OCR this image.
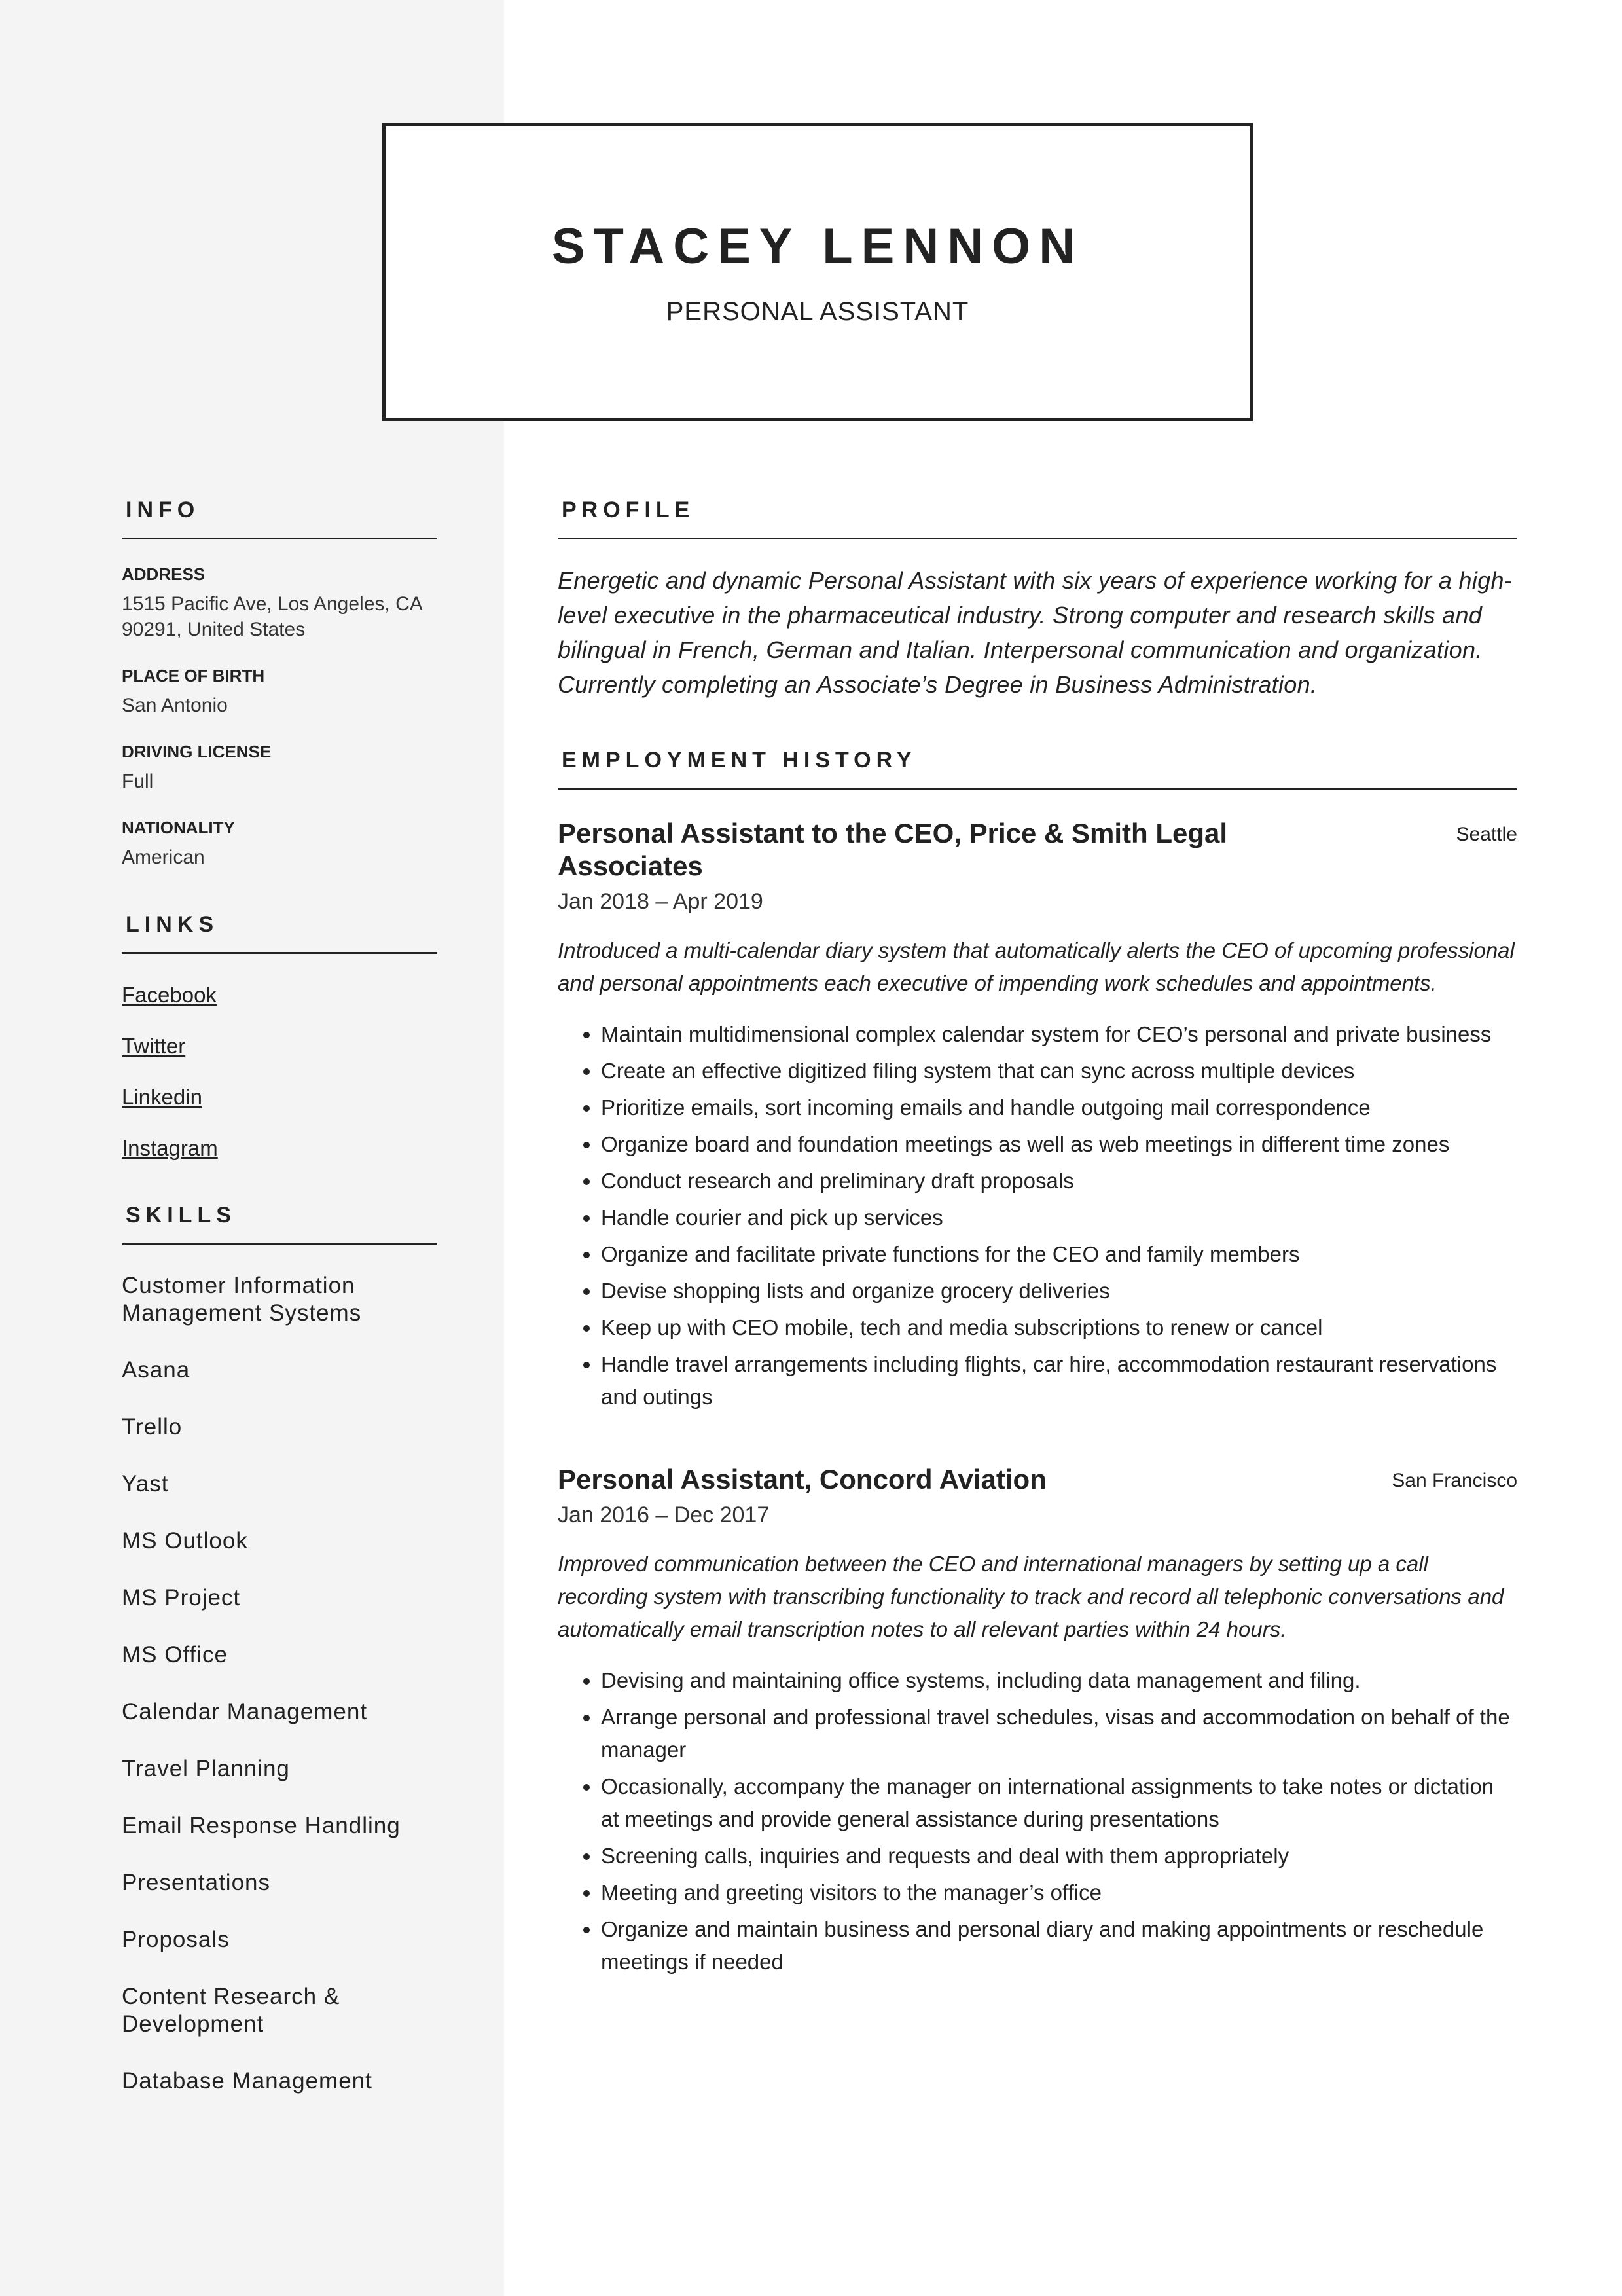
STACEY LENNON
PERSONAL ASSISTANT
INFO
ADDRESS
1515 Pacific Ave, Los Angeles, CA 90291, United States
PLACE OF BIRTH
San Antonio
DRIVING LICENSE
Full
NATIONALITY
American
LINKS
Facebook
Twitter
Linkedin
Instagram
SKILLS
Customer Information Management Systems
Asana
Trello
Yast
MS Outlook
MS Project
MS Office
Calendar Management
Travel Planning
Email Response Handling
Presentations
Proposals
Content Research & Development
Database Management
PROFILE
Energetic and dynamic Personal Assistant with six years of experience working for a high-level executive in the pharmaceutical industry. Strong computer and research skills and bilingual in French, German and Italian. Interpersonal communication and organization. Currently completing an Associate’s Degree in Business Administration.
EMPLOYMENT HISTORY
Personal Assistant to the CEO, Price & Smith Legal Associates
Seattle
Jan 2018 – Apr 2019
Introduced a multi-calendar diary system that automatically alerts the CEO of upcoming professional and personal appointments each executive of impending work schedules and appointments.
• Maintain multidimensional complex calendar system for CEO’s personal and private business
• Create an effective digitized filing system that can sync across multiple devices
• Prioritize emails, sort incoming emails and handle outgoing mail correspondence
• Organize board and foundation meetings as well as web meetings in different time zones
• Conduct research and preliminary draft proposals
• Handle courier and pick up services
• Organize and facilitate private functions for the CEO and family members
• Devise shopping lists and organize grocery deliveries
• Keep up with CEO mobile, tech and media subscriptions to renew or cancel
• Handle travel arrangements including flights, car hire, accommodation restaurant reservations and outings
Personal Assistant, Concord Aviation	San Francisco
Jan 2016 – Dec 2017
Improved communication between the CEO and international managers by setting up a call recording system with transcribing functionality to track and record all telephonic conversations and automatically email transcription notes to all relevant parties within 24 hours.
• Devising and maintaining office systems, including data management and filing.
• Arrange personal and professional travel schedules, visas and accommodation on behalf of the manager
• Occasionally, accompany the manager on international assignments to take notes or dictation at meetings and provide general assistance during presentations
• Screening calls, inquiries and requests and deal with them appropriately
• Meeting and greeting visitors to the manager’s office
• Organize and maintain business and personal diary and making appointments or reschedule meetings if needed
